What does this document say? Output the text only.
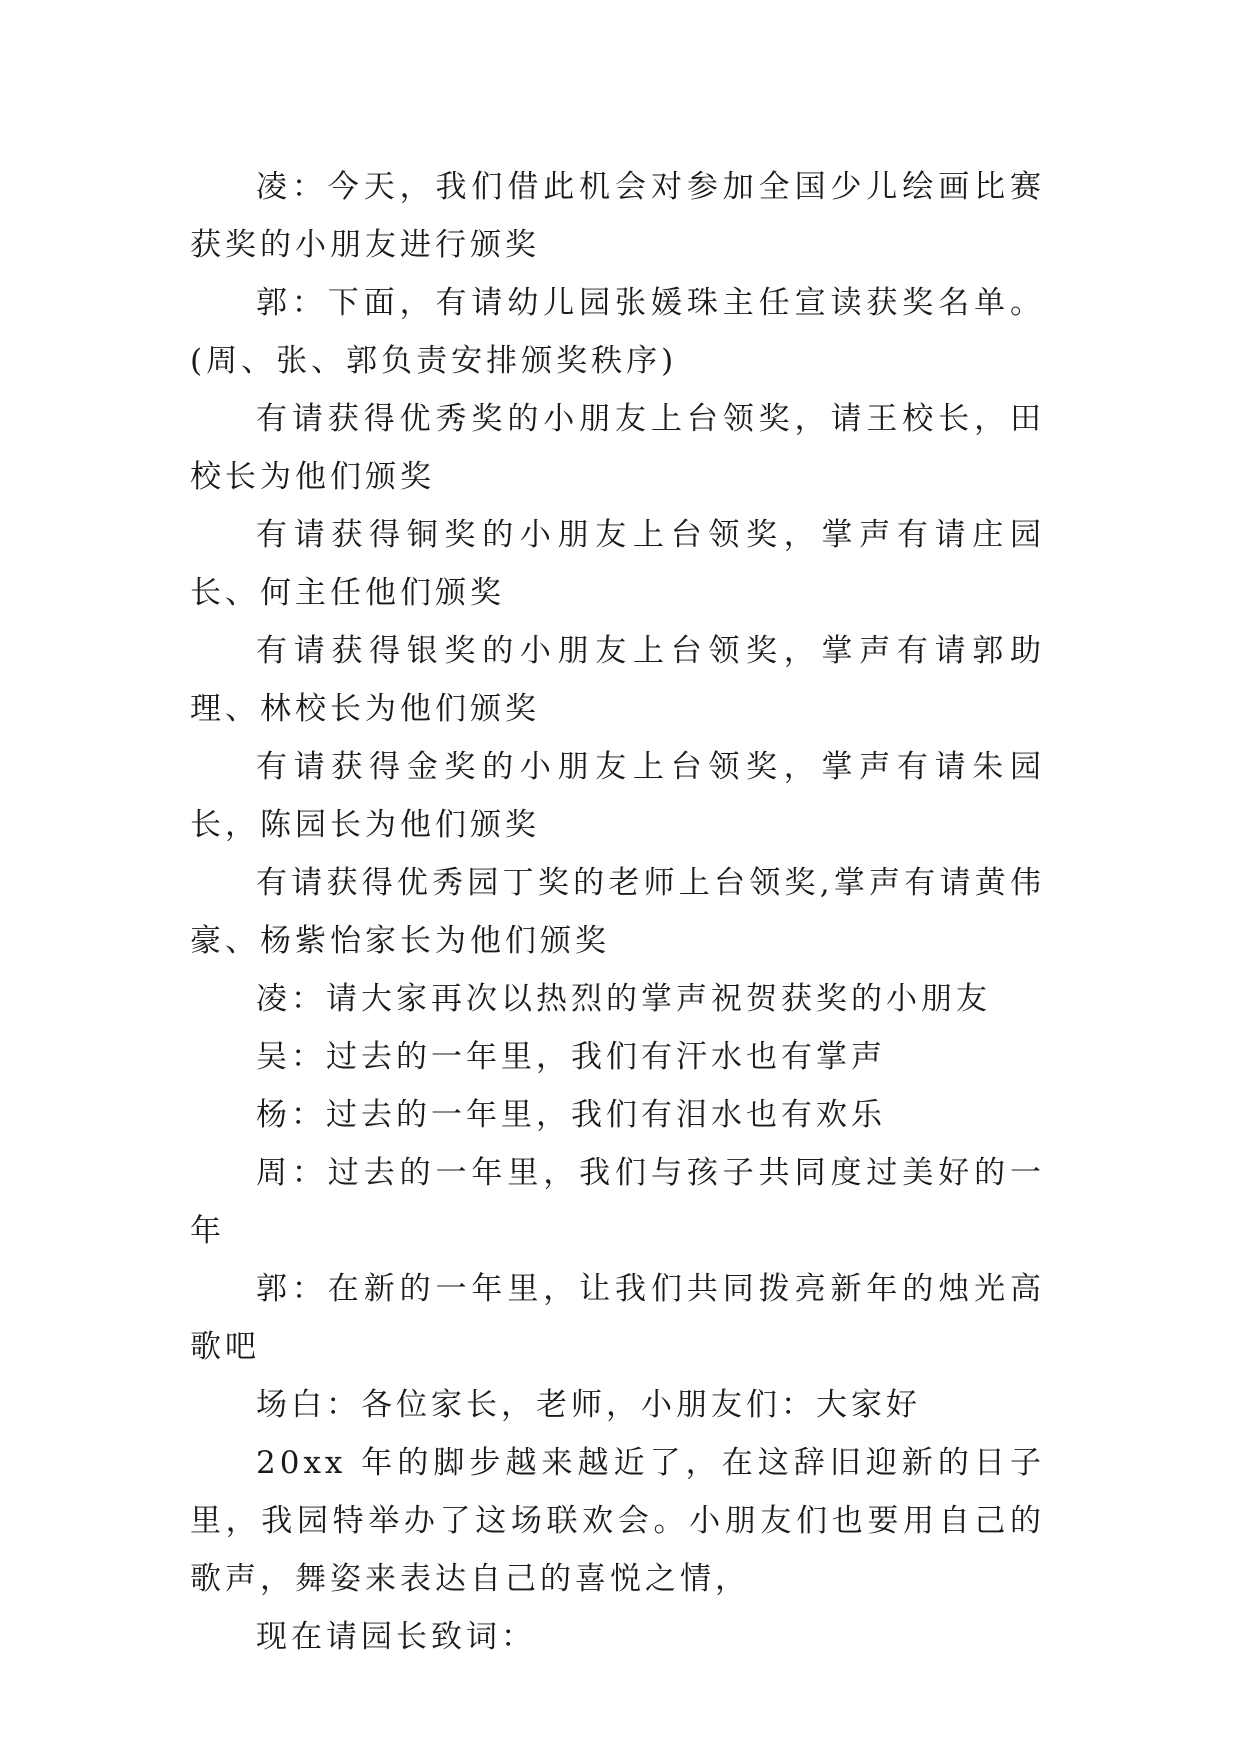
凌：今天，我们借此机会对参加全国少儿绘画比赛获奖的小朋友进行颁奖

郭：下面，有请幼儿园张媛珠主任宣读获奖名单。(周、张、郭负责安排颁奖秩序)

有请获得优秀奖的小朋友上台领奖，请王校长，田校长为他们颁奖

有请获得铜奖的小朋友上台领奖，掌声有请庄园长、何主任他们颁奖

有请获得银奖的小朋友上台领奖，掌声有请郭助理、林校长为他们颁奖

有请获得金奖的小朋友上台领奖，掌声有请朱园长，陈园长为他们颁奖

有请获得优秀园丁奖的老师上台领奖,掌声有请黄伟豪、杨紫怡家长为他们颁奖

凌：请大家再次以热烈的掌声祝贺获奖的小朋友

吴：过去的一年里，我们有汗水也有掌声

杨：过去的一年里，我们有泪水也有欢乐

周：过去的一年里，我们与孩子共同度过美好的一年

郭：在新的一年里，让我们共同拨亮新年的烛光高歌吧

场白：各位家长，老师，小朋友们：大家好

20xx 年的脚步越来越近了，在这辞旧迎新的日子里，我园特举办了这场联欢会。小朋友们也要用自己的歌声，舞姿来表达自己的喜悦之情，

现在请园长致词：
